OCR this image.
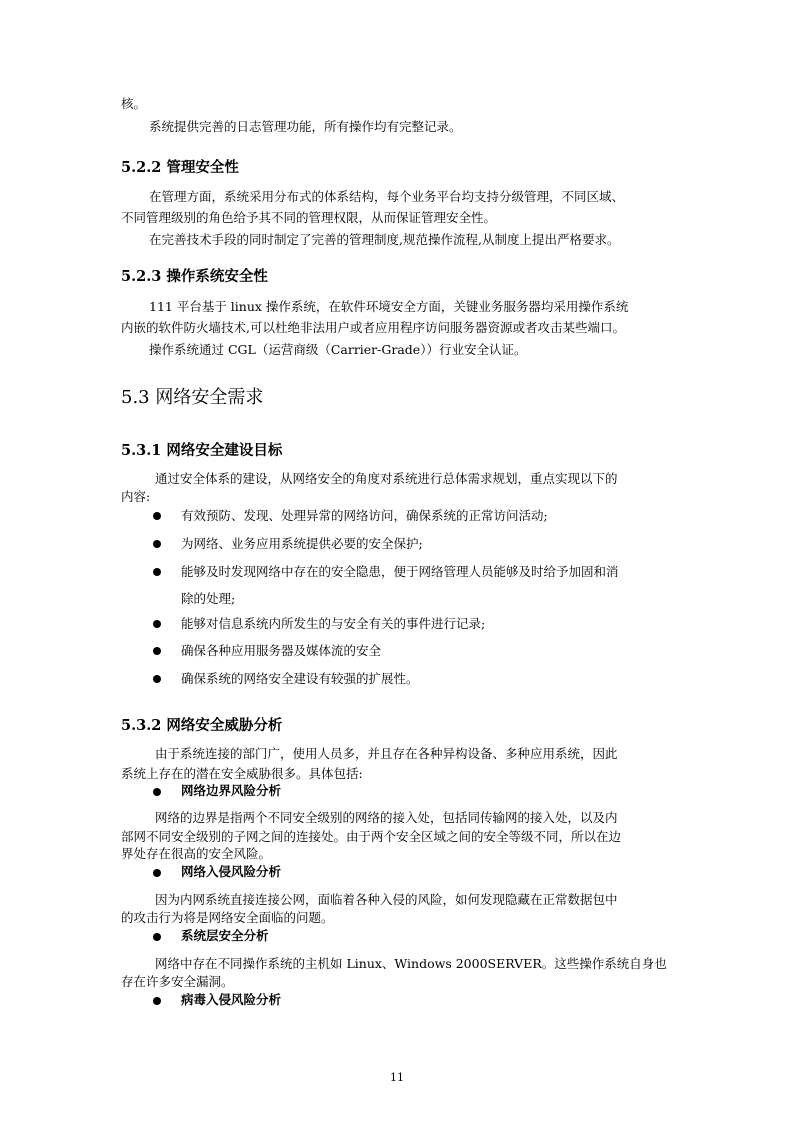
核。
系统提供完善的日志管理功能，所有操作均有完整记录。
5.2.2 管理安全性
在管理方面，系统采用分布式的体系结构，每个业务平台均支持分级管理，不同区域、
不同管理级别的角色给予其不同的管理权限，从而保证管理安全性。
在完善技术手段的同时制定了完善的管理制度,规范操作流程,从制度上提出严格要求。
5.2.3 操作系统安全性
111 平台基于 linux 操作系统，在软件环境安全方面，关键业务服务器均采用操作系统
内嵌的软件防火墙技术,可以杜绝非法用户或者应用程序访问服务器资源或者攻击某些端口。
操作系统通过 CGL（运营商级（Carrier-Grade））行业安全认证。
5.3 网络安全需求
5.3.1 网络安全建设目标
通过安全体系的建设，从网络安全的角度对系统进行总体需求规划，重点实现以下的
内容:
有效预防、发现、处理异常的网络访问，确保系统的正常访问活动;
为网络、业务应用系统提供必要的安全保护;
能够及时发现网络中存在的安全隐患，便于网络管理人员能够及时给予加固和消
除的处理;
能够对信息系统内所发生的与安全有关的事件进行记录;
确保各种应用服务器及媒体流的安全
确保系统的网络安全建设有较强的扩展性。
5.3.2 网络安全威胁分析
由于系统连接的部门广，使用人员多，并且存在各种异构设备、多种应用系统，因此
系统上存在的潜在安全威胁很多。具体包括:
网络边界风险分析
网络的边界是指两个不同安全级别的网络的接入处，包括同传输网的接入处，以及内
部网不同安全级别的子网之间的连接处。由于两个安全区域之间的安全等级不同，所以在边
界处存在很高的安全风险。
网络入侵风险分析
因为内网系统直接连接公网，面临着各种入侵的风险，如何发现隐藏在正常数据包中
的攻击行为将是网络安全面临的问题。
系统层安全分析
网络中存在不同操作系统的主机如 Linux、Windows 2000SERVER。这些操作系统自身也
存在许多安全漏洞。
病毒入侵风险分析
11
